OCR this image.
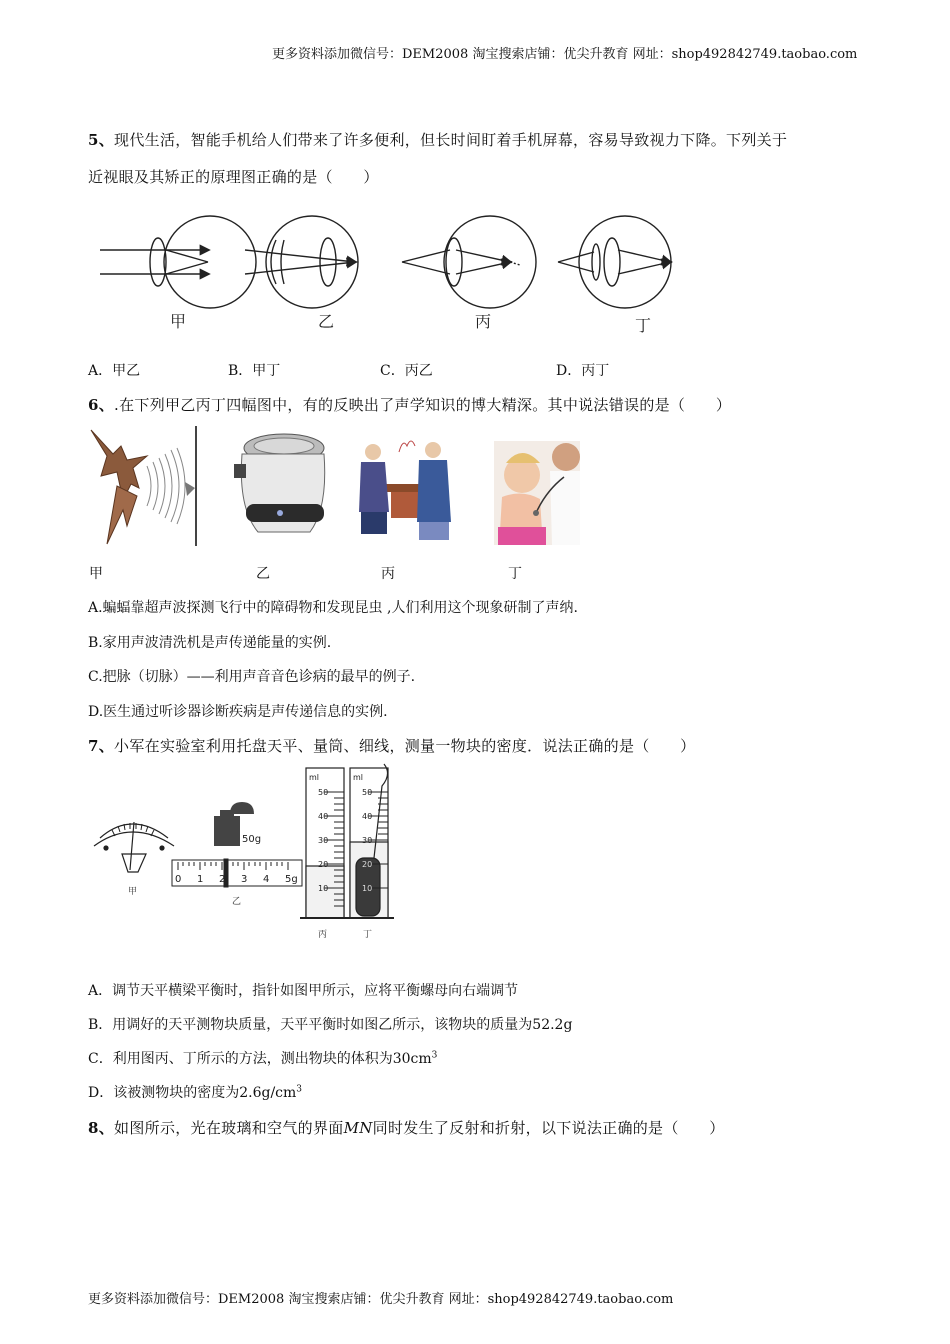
更多资料添加微信号：DEM2008 淘宝搜索店铺：优尖升教育 网址：shop492842749.taobao.com
5、现代生活，智能手机给人们带来了许多便利，但长时间盯着手机屏幕，容易导致视力下降。下列关于
近视眼及其矫正的原理图正确的是（　　）
甲	乙	丙	丁
A．甲乙	B．甲丁	C．丙乙	D．丙丁
6、.在下列甲乙丙丁四幅图中，有的反映出了声学知识的博大精深。其中说法错误的是（　　）
甲	乙	丙	丁
A.蝙蝠靠超声波探测飞行中的障碍物和发现昆虫 ,人们利用这个现象研制了声纳.
B.家用声波清洗机是声传递能量的实例.
C.把脉（切脉）——利用声音音色诊病的最早的例子.
D.医生通过听诊器诊断疾病是声传递信息的实例.
7、小军在实验室利用托盘天平、量筒、细线，测量一物块的密度．说法正确的是（　　）
甲
50g
0 1 2 3 4 5g
乙
ml
50
40
30
20
10
丙
ml
50
40
30
20
10
丁
A．调节天平横梁平衡时，指针如图甲所示，应将平衡螺母向右端调节
B．用调好的天平测物块质量，天平平衡时如图乙所示，该物块的质量为52.2g
C．利用图丙、丁所示的方法，测出物块的体积为$30cm^3$
D．该被测物块的密度为$2.6g/cm^3$
8、如图所示，光在玻璃和空气的界面MN同时发生了反射和折射，以下说法正确的是（　　）
更多资料添加微信号：DEM2008 淘宝搜索店铺：优尖升教育 网址：shop492842749.taobao.com
